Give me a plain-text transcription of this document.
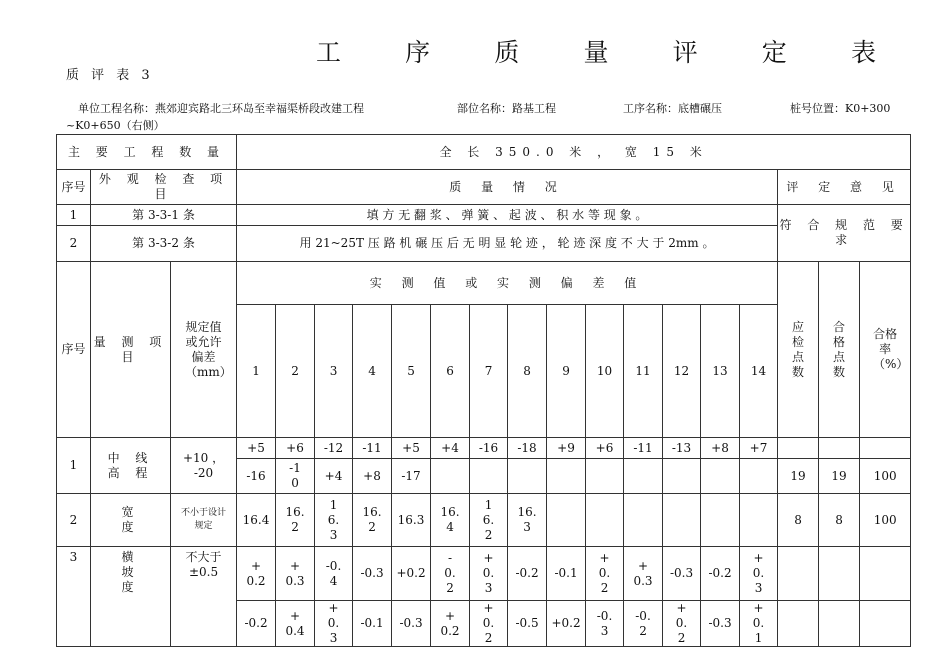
工	序	质	量	评	定	表
质 评 表 3
单位工程名称：燕郊迎宾路北三环岛至幸福渠桥段改建工程	部位名称：路基工程	工序名称：底槽碾压	桩号位置：K0+300
~K0+650（右侧）
主 要 工 程 数 量			全 长 350.0 米 ， 宽 15 米																
序号	外 观 检 查 项 目		质 量 情 况														评 定 意 见		
1	第 3-3-1 条		填 方 无 翻 浆 、 弹 簧 、 起 波 、 积 水 等 现 象 。														符 合 规 范 要 求		
2	第 3-3-2 条		用 21~25T 压 路 机 碾 压 后 无 明 显 轮 迹 ， 轮 迹 深 度 不 大 于 2mm 。																
序号	量 测 项 目	规定值或允许偏差（mm）	实 测 值 或 实 测 偏 差 值														应检点数	合格点数	合格率（%）
			1	2	3	4	5	6	7	8	9	10	11	12	13	14			
1	中 线 高 程	+10 ， -20	+5	+6	-12	-11	+5	+4	-16	-18	+9	+6	-11	-13	+8	+7			
			-16	-10	+4	+8	-17										19	19	100
2	宽 度	不小于设计规定	16.4	16.2	16.3	16.2	16.3	16.4	16.2	16.3							8	8	100
3	横 坡 度	不大于±0.5	+0.2	+0.3	-0.4	-0.3	+0.2	-0.2	+0.3	-0.2	-0.1	+0.2	+0.3	-0.3	-0.2	+0.3			
			-0.2	+0.4	+0.3	-0.1	-0.3	+0.2	+0.2	-0.5	+0.2	-0.3	-0.2	+0.2	-0.3	+0.1			
